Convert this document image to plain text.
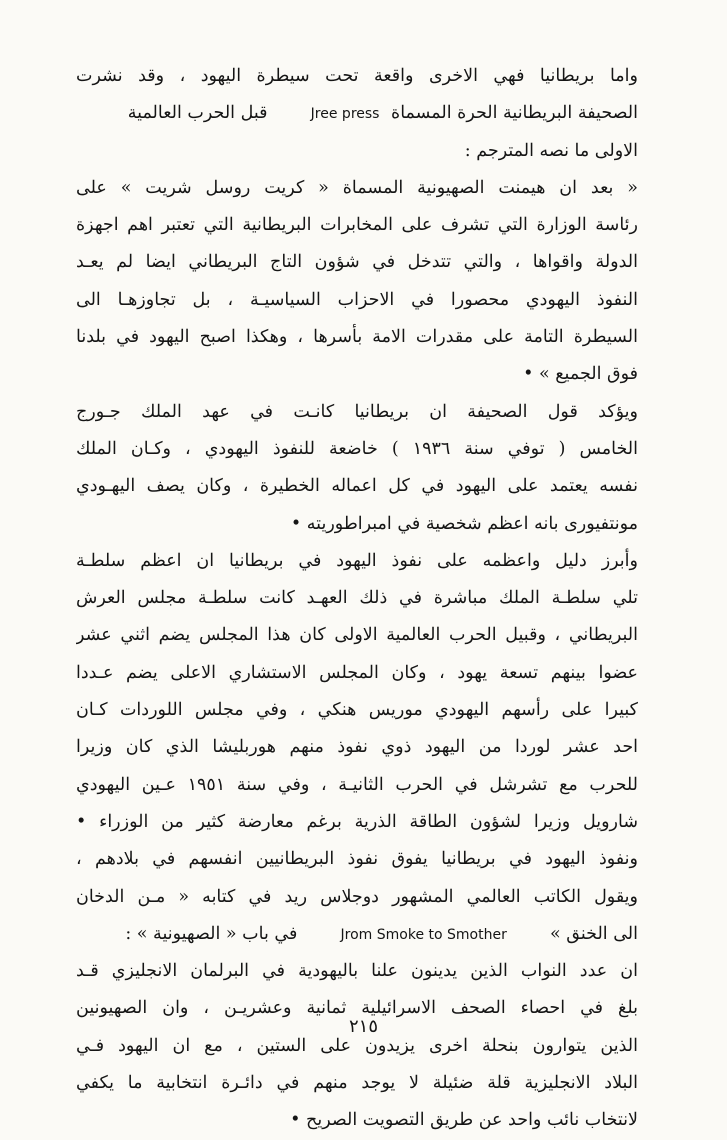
واما بريطانيا فهي الاخرى واقعة تحت سيطرة اليهود ، وقد نشرت
الصحيفة البريطانية الحرة المسماة Jree press  قبل الحرب العالمية
الاولى ما نصه المترجم :
« بعد ان هيمنت الصهيونية المسماة « كريت روسل شريت » على
رئاسة الوزارة التي تشرف على المخابرات البريطانية التي تعتبر اهم اجهزة
الدولة واقواها ، والتي تتدخل في شؤون التاج البريطاني ايضا لم يعـد
النفوذ اليهودي محصورا في الاحزاب السياسيـة ، بل تجاوزهـا الى
السيطرة التامة على مقدرات الامة بأسرها ، وهكذا اصبح اليهود في بلدنا
فوق الجميع » •
ويؤكد قول الصحيفة ان بريطانيا كانـت في عهد الملك جـورج
الخامس ( توفي سنة ١٩٣٦ ) خاضعة للنفوذ اليهودي ، وكـان الملك
نفسه يعتمد على اليهود في كل اعماله الخطيرة ، وكان يصف اليهـودي
مونتفيورى بانه اعظم شخصية في امبراطوريته •
وأبرز دليل واعظمه على نفوذ اليهود في بريطانيا ان اعظم سلطـة
تلي سلطـة الملك مباشرة في ذلك العهـد كانت سلطـة مجلس العرش
البريطاني ، وقبيل الحرب العالمية الاولى كان هذا المجلس يضم اثني عشر
عضوا بينهم تسعة يهود ، وكان المجلس الاستشاري الاعلى يضم عـددا
كبيرا على رأسهم اليهودي موريس هنكي ، وفي مجلس اللوردات كـان
احد عشر لوردا من اليهود ذوي نفوذ منهم هوربليشا الذي كان وزيرا
للحرب مع تشرشل في الحرب الثانيـة ، وفي سنة ١٩٥١ عـين اليهودي
شارويل وزيرا لشؤون الطاقة الذرية برغم معارضة كثير من الوزراء •
ونفوذ اليهود في بريطانيا يفوق نفوذ البريطانيين انفسهم في بلادهم ،
ويقول الكاتب العالمي المشهور دوجلاس ريد في كتابه « مـن الدخان
الى الخنق »  Jrom Smoke to Smother  في باب « الصهيونية » :
ان عدد النواب الذين يدينون علنا باليهودية في البرلمان الانجليزي قـد
بلغ في احصاء الصحف الاسرائيلية ثمانية وعشريـن ، وان الصهيونين
الذين يتوارون بنحلة اخرى يزيدون على الستين ، مع ان اليهود فـي
البلاد الانجليزية قلة ضئيلة لا يوجد منهم في دائـرة انتخابية ما يكفي
لانتخاب نائب واحد عن طريق التصويت الصريح •
٢١٥
